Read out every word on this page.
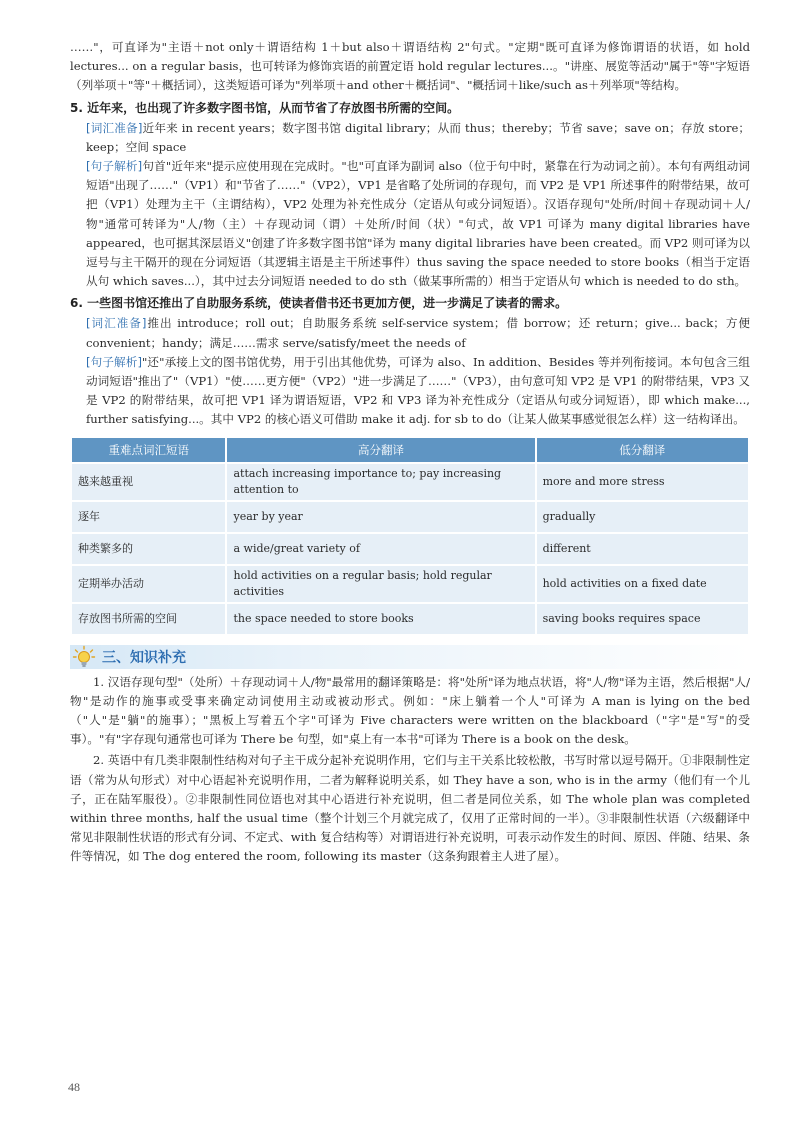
……"，可直译为"主语＋not only＋谓语结构 1＋but also＋谓语结构 2"句式。"定期"既可直译为修饰谓语的状语，如 hold lectures... on a regular basis，也可转译为修饰宾语的前置定语 hold regular lectures...。"讲座、展览等活动"属于"等"字短语（列举项＋"等"＋概括词），这类短语可译为"列举项＋and other＋概括词"、"概括词＋like/such as＋列举项"等结构。

5. 近年来，也出现了许多数字图书馆，从而节省了存放图书所需的空间。

[词汇准备]近年来 in recent years；数字图书馆 digital library；从而 thus；thereby；节省 save；save on；存放 store；keep；空间 space

[句子解析]句首"近年来"提示应使用现在完成时。"也"可直译为副词 also（位于句中时，紧靠在行为动词之前）。本句有两组动词短语"出现了……"（VP1）和"节省了……"（VP2），VP1 是省略了处所词的存现句，而 VP2 是 VP1 所述事件的附带结果，故可把（VP1）处理为主干（主谓结构），VP2 处理为补充性成分（定语从句或分词短语）。汉语存现句"处所/时间＋存现动词＋人/物"通常可转译为"人/物（主）＋存现动词（谓）＋处所/时间（状）"句式，故 VP1 可译为 many digital libraries have appeared，也可据其深层语义"创建了许多数字图书馆"译为 many digital libraries have been created。而 VP2 则可译为以逗号与主干隔开的现在分词短语（其逻辑主语是主干所述事件）thus saving the space needed to store books（相当于定语从句 which saves...），其中过去分词短语 needed to do sth（做某事所需的）相当于定语从句 which is needed to do sth。

6. 一些图书馆还推出了自助服务系统，使读者借书还书更加方便，进一步满足了读者的需求。

[词汇准备]推出 introduce；roll out；自助服务系统 self-service system；借 borrow；还 return；give... back；方便 convenient；handy；满足……需求 serve/satisfy/meet the needs of

[句子解析]"还"承接上文的图书馆优势，用于引出其他优势，可译为 also、In addition、Besides 等并列衔接词。本句包含三组动词短语"推出了"（VP1）"使……更方便"（VP2）"进一步满足了……"（VP3），由句意可知 VP2 是 VP1 的附带结果，VP3 又是 VP2 的附带结果，故可把 VP1 译为谓语短语，VP2 和 VP3 译为补充性成分（定语从句或分词短语），即 which make..., further satisfying...。其中 VP2 的核心语义可借助 make it adj. for sb to do（让某人做某事感觉很怎么样）这一结构译出。

重难点词汇短语	高分翻译	低分翻译
越来越重视	attach increasing importance to; pay increasing attention to	more and more stress
逐年	year by year	gradually
种类繁多的	a wide/great variety of	different
定期举办活动	hold activities on a regular basis; hold regular activities	hold activities on a fixed date
存放图书所需的空间	the space needed to store books	saving books requires space
三、知识补充

1. 汉语存现句型"（处所）＋存现动词＋人/物"最常用的翻译策略是：将"处所"译为地点状语，将"人/物"译为主语，然后根据"人/物"是动作的施事或受事来确定动词使用主动或被动形式。例如："床上躺着一个人"可译为 A man is lying on the bed（"人"是"躺"的施事）；"黑板上写着五个字"可译为 Five characters were written on the blackboard（"字"是"写"的受事）。"有"字存现句通常也可译为 There be 句型，如"桌上有一本书"可译为 There is a book on the desk。

2. 英语中有几类非限制性结构对句子主干成分起补充说明作用，它们与主干关系比较松散，书写时常以逗号隔开。①非限制性定语（常为从句形式）对中心语起补充说明作用，二者为解释说明关系，如 They have a son, who is in the army（他们有一个儿子，正在陆军服役）。②非限制性同位语也对其中心语进行补充说明，但二者是同位关系，如 The whole plan was completed within three months, half the usual time（整个计划三个月就完成了，仅用了正常时间的一半）。③非限制性状语（六级翻译中常见非限制性状语的形式有分词、不定式、with 复合结构等）对谓语进行补充说明，可表示动作发生的时间、原因、伴随、结果、条件等情况，如 The dog entered the room, following its master（这条狗跟着主人进了屋）。

48
